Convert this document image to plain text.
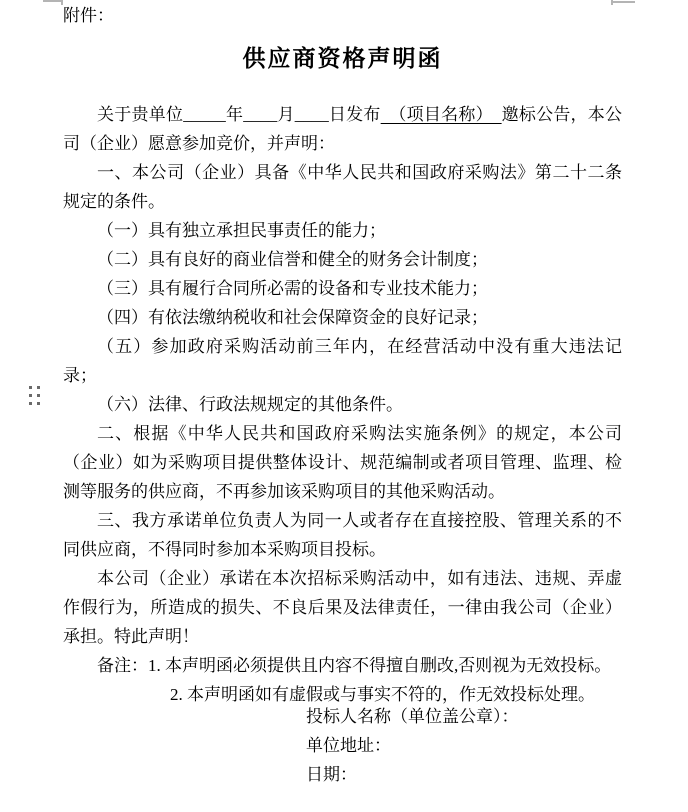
附件：
供应商资格声明函

关于贵单位_____年____月____日发布　（项目名称）　邀标公告，本公司（企业）愿意参加竞价，并声明：

一、本公司（企业）具备《中华人民共和国政府采购法》第二十二条规定的条件。

（一）具有独立承担民事责任的能力；

（二）具有良好的商业信誉和健全的财务会计制度；

（三）具有履行合同所必需的设备和专业技术能力；

（四）有依法缴纳税收和社会保障资金的良好记录；

（五）参加政府采购活动前三年内，在经营活动中没有重大违法记录；

（六）法律、行政法规规定的其他条件。

二、根据《中华人民共和国政府采购法实施条例》的规定，本公司（企业）如为采购项目提供整体设计、规范编制或者项目管理、监理、检测等服务的供应商，不再参加该采购项目的其他采购活动。

三、我方承诺单位负责人为同一人或者存在直接控股、管理关系的不同供应商，不得同时参加本采购项目投标。

本公司（企业）承诺在本次招标采购活动中，如有违法、违规、弄虚作假行为，所造成的损失、不良后果及法律责任，一律由我公司（企业）承担。特此声明！

备注：1. 本声明函必须提供且内容不得擅自删改,否则视为无效投标。

2. 本声明函如有虚假或与事实不符的，作无效投标处理。

投标人名称（单位盖公章）：

单位地址：

日期：
